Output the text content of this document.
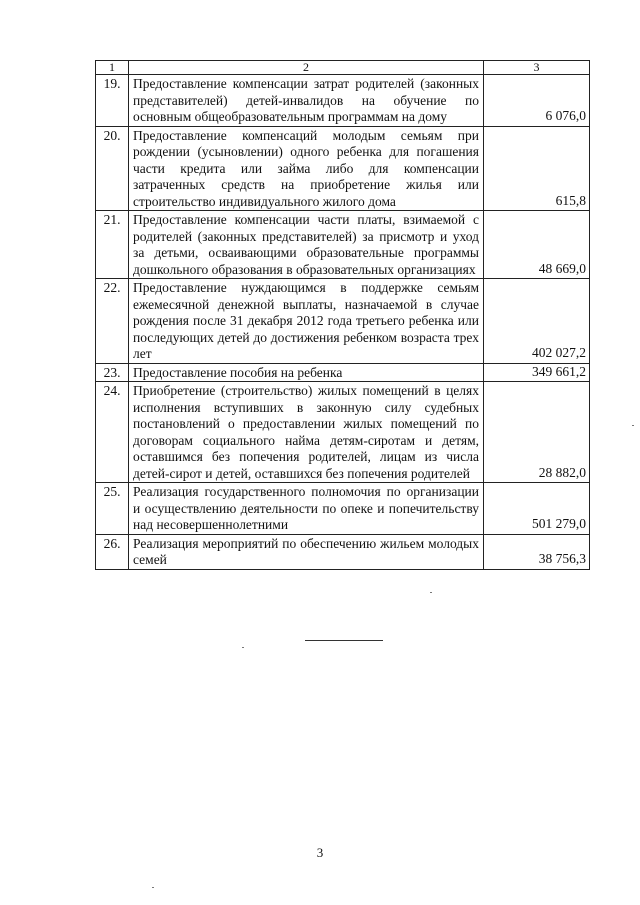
1	2	3
19.	Предоставление компенсации затрат родителей (законных представителей) детей-инвалидов на обучение по основным общеобразовательным программам на дому	6 076,0
20.	Предоставление компенсаций молодым семьям при рождении (усыновлении) одного ребенка для погашения части кредита или займа либо для компенсации затраченных средств на приобретение жилья или строительство индивидуального жилого дома	615,8
21.	Предоставление компенсации части платы, взимаемой с родителей (законных представителей) за присмотр и уход за детьми, осваивающими образовательные программы дошкольного образования в образовательных организациях	48 669,0
22.	Предоставление нуждающимся в поддержке семьям ежемесячной денежной выплаты, назначаемой в случае рождения после 31 декабря 2012 года третьего ребенка или последующих детей до достижения ребенком возраста трех лет	402 027,2
23.	Предоставление пособия на ребенка	349 661,2
24.	Приобретение (строительство) жилых помещений в целях исполнения вступивших в законную силу судебных постановлений о предоставлении жилых помещений по договорам социального найма детям-сиротам и детям, оставшимся без попечения родителей, лицам из числа детей-сирот и детей, оставшихся без попечения родителей	28 882,0
25.	Реализация государственного полномочия по организации и осуществлению деятельности по опеке и попечительству над несовершеннолетними	501 279,0
26.	Реализация мероприятий по обеспечению жильем молодых семей	38 756,3
3
